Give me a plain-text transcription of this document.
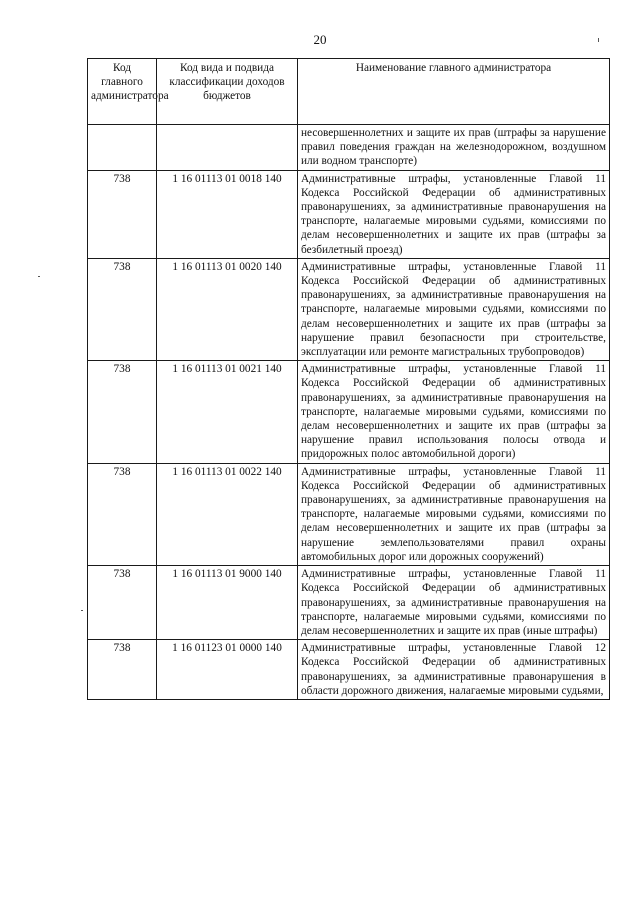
20
Код главного администратора	Код вида и подвида классификации доходов бюджетов	Наименование главного администратора
		несовершеннолетних и защите их прав (штрафы за нарушение правил поведения граждан на железнодорожном, воздушном или водном транспорте)
738	1 16 01113 01 0018 140	Административные штрафы, установленные Главой 11 Кодекса Российской Федерации об административных правонарушениях, за административные правонарушения на транспорте, налагаемые мировыми судьями, комиссиями по делам несовершеннолетних и защите их прав (штрафы за безбилетный проезд)
738	1 16 01113 01 0020 140	Административные штрафы, установленные Главой 11 Кодекса Российской Федерации об административных правонарушениях, за административные правонарушения на транспорте, налагаемые мировыми судьями, комиссиями по делам несовершеннолетних и защите их прав (штрафы за нарушение правил безопасности при строительстве, эксплуатации или ремонте магистральных трубопроводов)
738	1 16 01113 01 0021 140	Административные штрафы, установленные Главой 11 Кодекса Российской Федерации об административных правонарушениях, за административные правонарушения на транспорте, налагаемые мировыми судьями, комиссиями по делам несовершеннолетних и защите их прав (штрафы за нарушение правил использования полосы отвода и придорожных полос автомобильной дороги)
738	1 16 01113 01 0022 140	Административные штрафы, установленные Главой 11 Кодекса Российской Федерации об административных правонарушениях, за административные правонарушения на транспорте, налагаемые мировыми судьями, комиссиями по делам несовершеннолетних и защите их прав (штрафы за нарушение землепользователями правил охраны автомобильных дорог или дорожных сооружений)
738	1 16 01113 01 9000 140	Административные штрафы, установленные Главой 11 Кодекса Российской Федерации об административных правонарушениях, за административные правонарушения на транспорте, налагаемые мировыми судьями, комиссиями по делам несовершеннолетних и защите их прав (иные штрафы)
738	1 16 01123 01 0000 140	Административные штрафы, установленные Главой 12 Кодекса Российской Федерации об административных правонарушениях, за административные правонарушения в области дорожного движения, налагаемые мировыми судьями,
